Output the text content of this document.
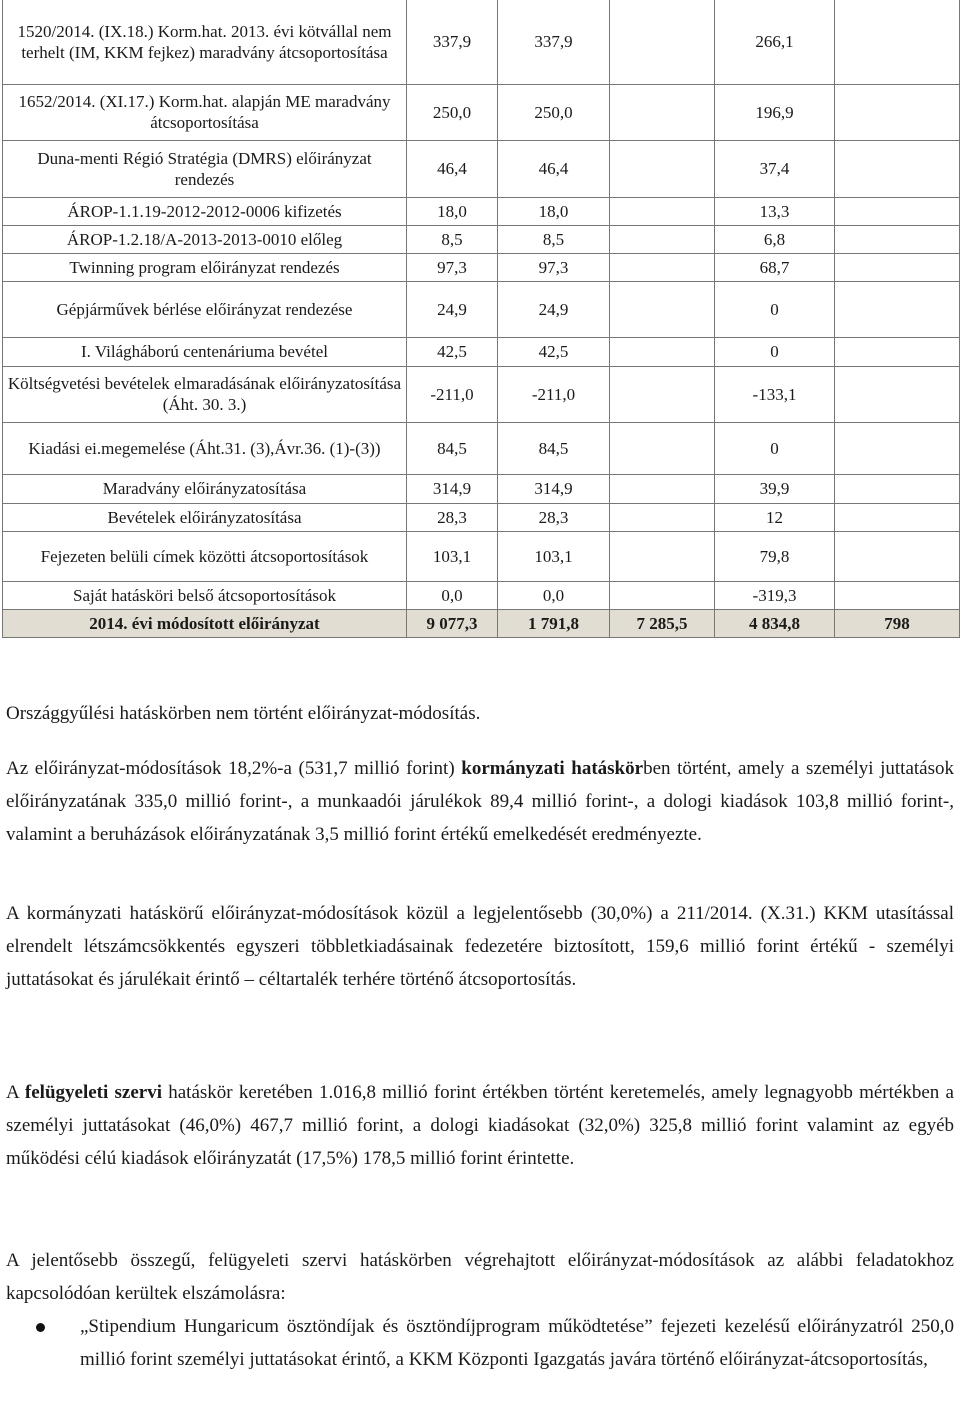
1520/2014. (IX.18.) Korm.hat. 2013. évi kötvállal nem terhelt (IM, KKM fejkez) maradvány átcsoportosítása	337,9	337,9		266,1	
1652/2014. (XI.17.) Korm.hat. alapján ME maradvány átcsoportosítása	250,0	250,0		196,9	
Duna-menti Régió Stratégia (DMRS) előirányzat rendezés	46,4	46,4		37,4	
ÁROP-1.1.19-2012-2012-0006 kifizetés	18,0	18,0		13,3	
ÁROP-1.2.18/A-2013-2013-0010 előleg	8,5	8,5		6,8	
Twinning program előirányzat rendezés	97,3	97,3		68,7	
Gépjárművek bérlése előirányzat rendezése	24,9	24,9		0	
I. Világháború centenáriuma bevétel	42,5	42,5		0	
Költségvetési bevételek elmaradásának előirányzatosítása (Áht. 30. 3.)	-211,0	-211,0		-133,1	
Kiadási ei.megemelése (Áht.31. (3),Ávr.36. (1)-(3))	84,5	84,5		0	
Maradvány előirányzatosítása	314,9	314,9		39,9	
Bevételek előirányzatosítása	28,3	28,3		12	
Fejezeten belüli címek közötti átcsoportosítások	103,1	103,1		79,8	
Saját hatásköri belső átcsoportosítások	0,0	0,0		-319,3	
2014. évi módosított előirányzat	9 077,3	1 791,8	7 285,5	4 834,8	798

Országgyűlési hatáskörben nem történt előirányzat-módosítás.

Az előirányzat-módosítások 18,2%-a (531,7 millió forint) kormányzati hatáskörben történt, amely a személyi juttatások előirányzatának 335,0 millió forint-, a munkaadói járulékok 89,4 millió forint-, a dologi kiadások 103,8 millió forint-, valamint a beruházások előirányzatának 3,5 millió forint értékű emelkedését eredményezte.

A kormányzati hatáskörű előirányzat-módosítások közül a legjelentősebb (30,0%) a 211/2014. (X.31.) KKM utasítással elrendelt létszámcsökkentés egyszeri többletkiadásainak fedezetére biztosított, 159,6 millió forint értékű - személyi juttatásokat és járulékait érintő – céltartalék terhére történő átcsoportosítás.

A felügyeleti szervi hatáskör keretében 1.016,8 millió forint értékben történt keretemelés, amely legnagyobb mértékben a személyi juttatásokat (46,0%) 467,7 millió forint, a dologi kiadásokat (32,0%) 325,8 millió forint valamint az egyéb működési célú kiadások előirányzatát (17,5%) 178,5 millió forint érintette.

A jelentősebb összegű, felügyeleti szervi hatáskörben végrehajtott előirányzat-módosítások az alábbi feladatokhoz kapcsolódóan kerültek elszámolásra:

„Stipendium Hungaricum ösztöndíjak és ösztöndíjprogram működtetése” fejezeti kezelésű előirányzatról 250,0 millió forint személyi juttatásokat érintő, a KKM Központi Igazgatás javára történő előirányzat-átcsoportosítás,
